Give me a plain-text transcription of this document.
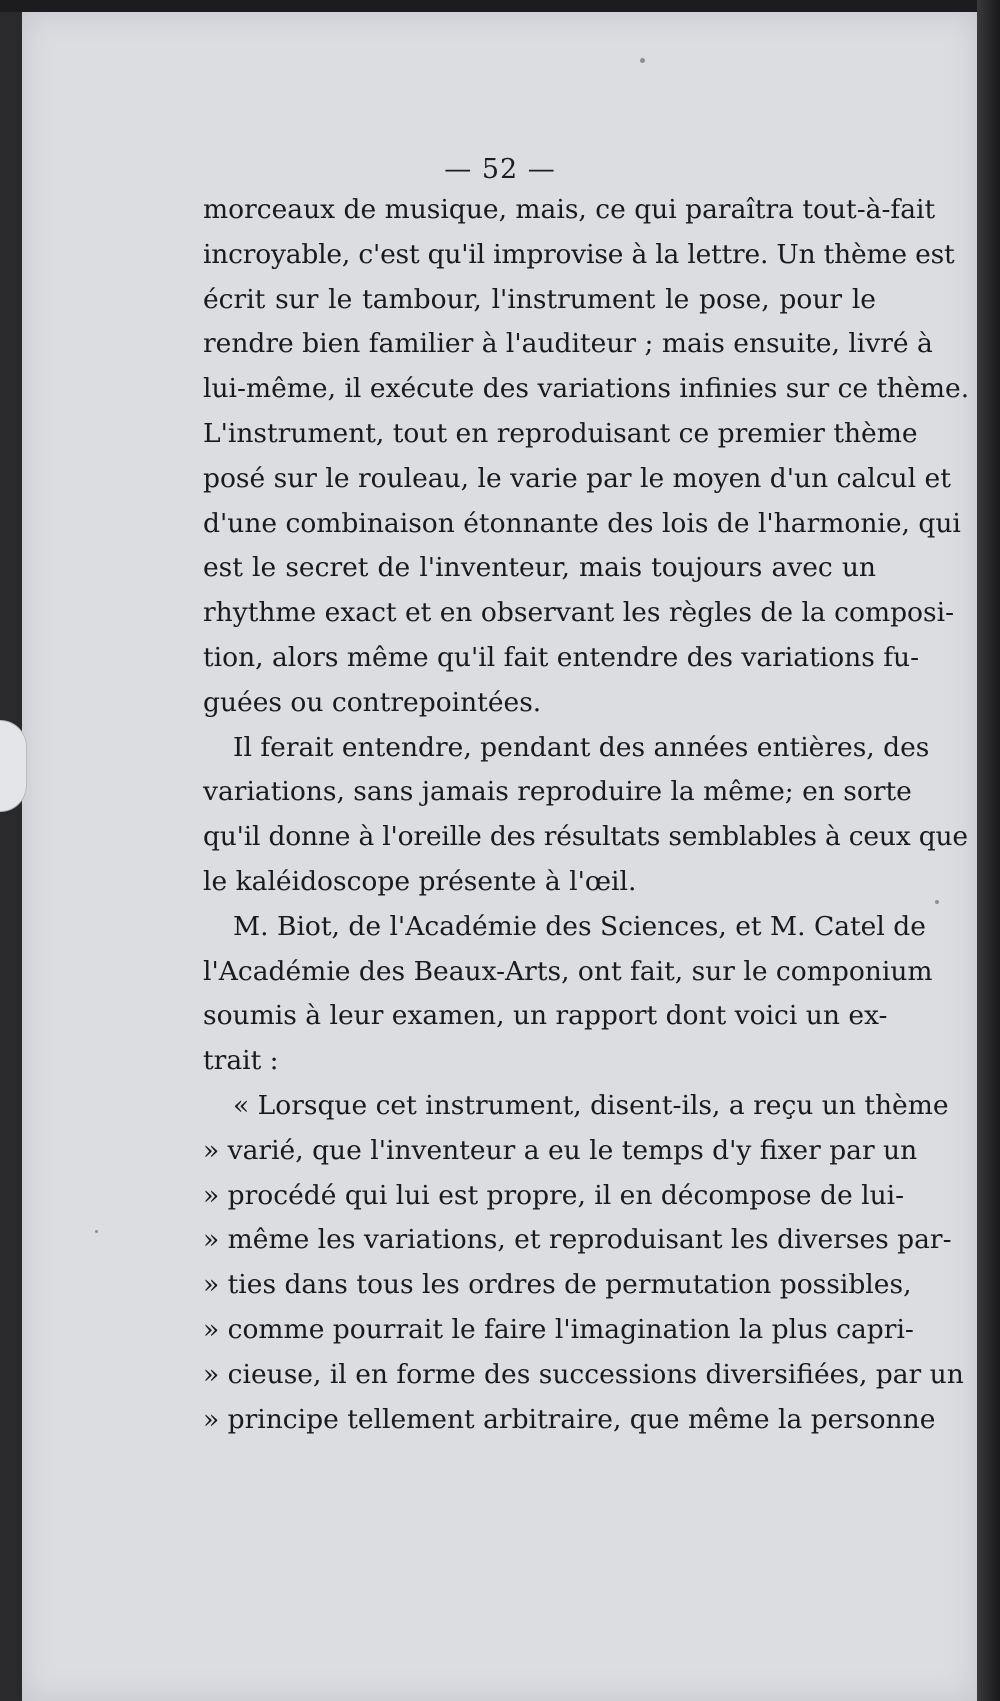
— 52 —
morceaux de musique, mais, ce qui paraîtra tout-à-fait
incroyable, c'est qu'il improvise à la lettre. Un thème est
écrit sur le tambour, l'instrument le pose, pour le
rendre bien familier à l'auditeur ; mais ensuite, livré à
lui-même, il exécute des variations infinies sur ce thème.
L'instrument, tout en reproduisant ce premier thème
posé sur le rouleau, le varie par le moyen d'un calcul et
d'une combinaison étonnante des lois de l'harmonie, qui
est le secret de l'inventeur, mais toujours avec un
rhythme exact et en observant les règles de la composi-
tion, alors même qu'il fait entendre des variations fu-
guées ou contrepointées.
Il ferait entendre, pendant des années entières, des
variations, sans jamais reproduire la même; en sorte
qu'il donne à l'oreille des résultats semblables à ceux que
le kaléidoscope présente à l'œil.
M. Biot, de l'Académie des Sciences, et M. Catel de
l'Académie des Beaux-Arts, ont fait, sur le componium
soumis à leur examen, un rapport dont voici un ex-
trait :
« Lorsque cet instrument, disent-ils, a reçu un thème
» varié, que l'inventeur a eu le temps d'y fixer par un
» procédé qui lui est propre, il en décompose de lui-
» même les variations, et reproduisant les diverses par-
» ties dans tous les ordres de permutation possibles,
» comme pourrait le faire l'imagination la plus capri-
» cieuse, il en forme des successions diversifiées, par un
» principe tellement arbitraire, que même la personne
